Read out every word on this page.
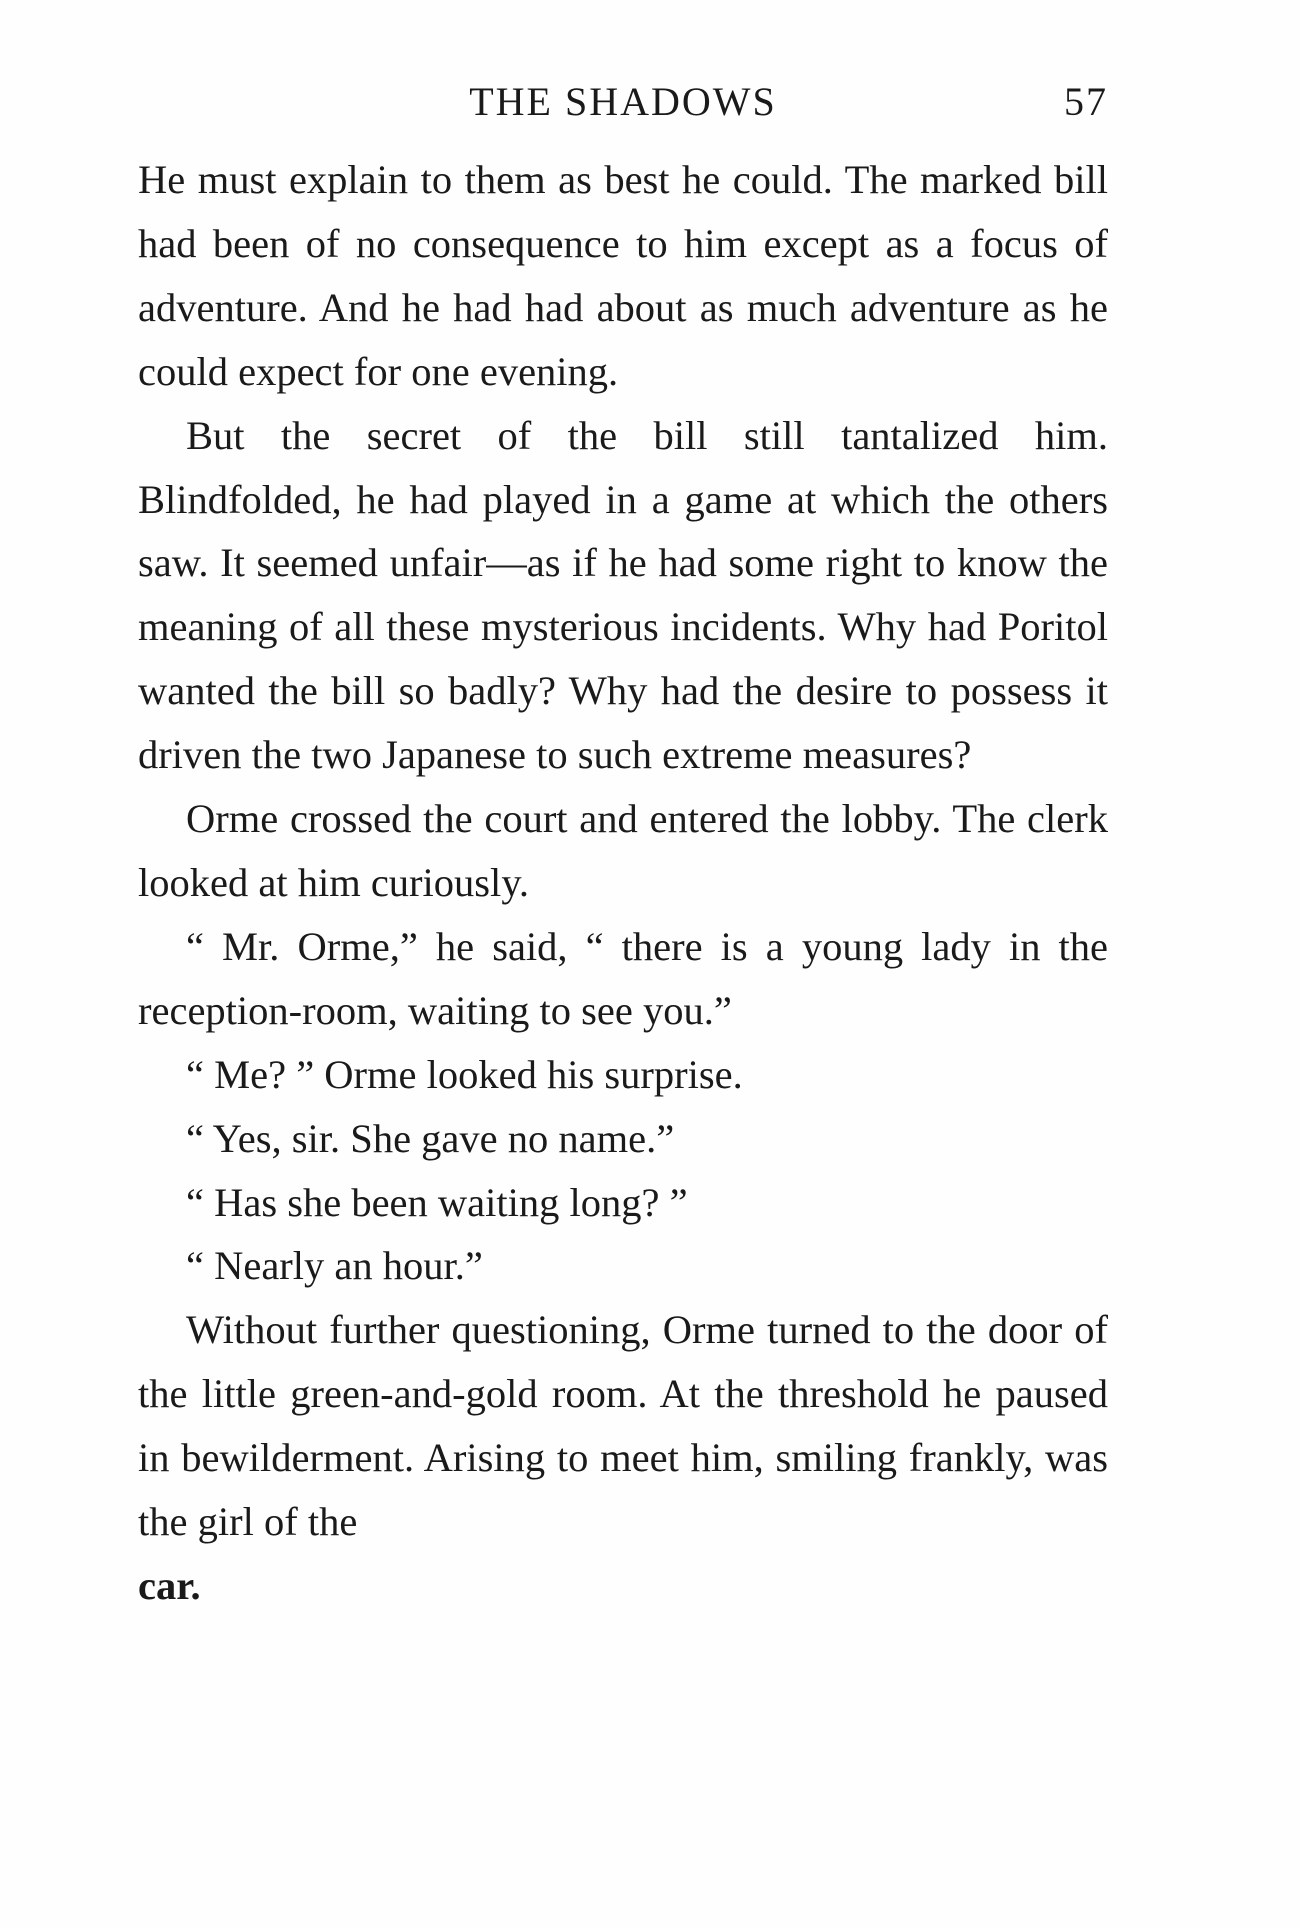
THE SHADOWS	57

He must explain to them as best he could. The marked bill had been of no consequence to him except as a focus of adventure. And he had had about as much adventure as he could expect for one evening.

But the secret of the bill still tantalized him. Blindfolded, he had played in a game at which the others saw. It seemed unfair—as if he had some right to know the meaning of all these mysterious incidents. Why had Poritol wanted the bill so badly? Why had the desire to possess it driven the two Japanese to such extreme measures?

Orme crossed the court and entered the lobby. The clerk looked at him curiously.

“ Mr. Orme,” he said, “ there is a young lady in the reception-room, waiting to see you.”

“ Me? ” Orme looked his surprise.

“ Yes, sir. She gave no name.”

“ Has she been waiting long? ”

“ Nearly an hour.”

Without further questioning, Orme turned to the door of the little green-and-gold room. At the threshold he paused in bewilderment. Arising to meet him, smiling frankly, was the girl of the
car.
